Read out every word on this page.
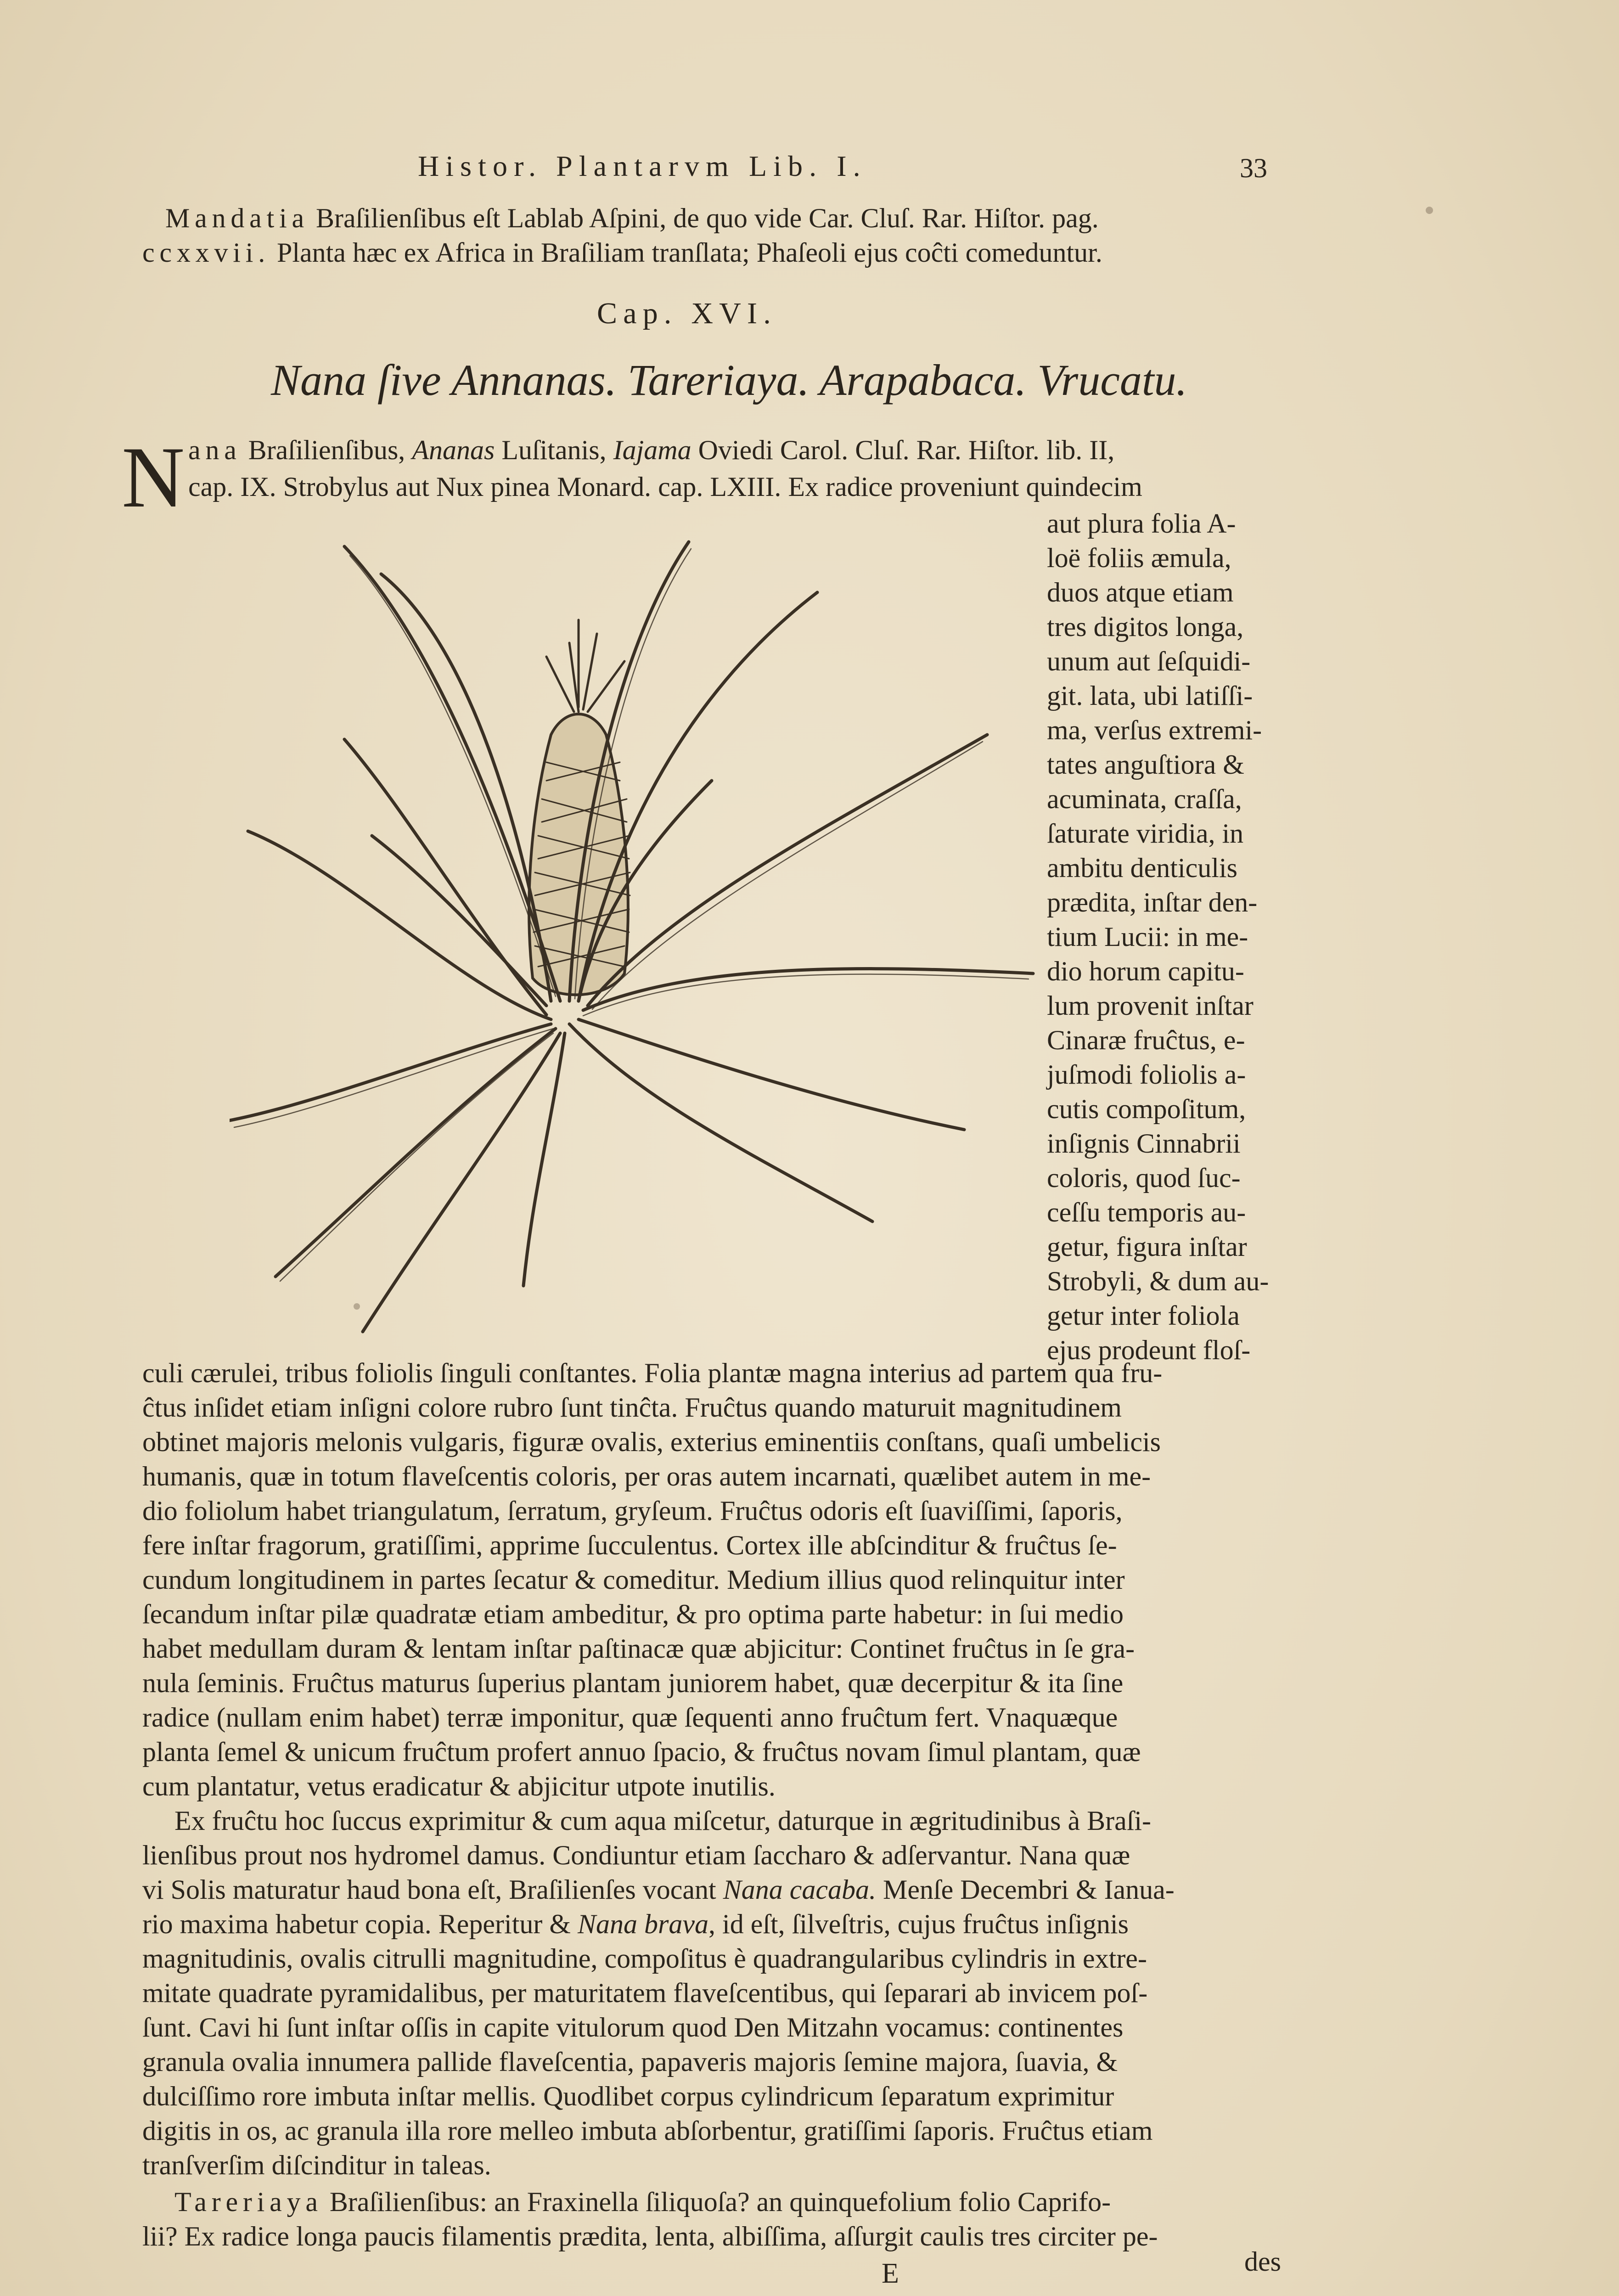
Histor. Plantarvm Lib. I.	33
Mandatia Braſilienſibus eſt Lablab Aſpini, de quo vide Car. Cluſ. Rar. Hiſtor. pag.
ccxxvii. Planta hæc ex Africa in Braſiliam tranſlata; Phaſeoli ejus coĉti comeduntur.
Cap. XVI.
Nana ſive Annanas. Tareriaya. Arapabaca. Vrucatu.
N ana Braſilienſibus, Ananas Luſitanis, Iajama Oviedi Carol. Cluſ. Rar. Hiſtor. lib. II,
cap. IX. Strobylus aut Nux pinea Monard. cap. LXIII. Ex radice proveniunt quindecim
aut plura folia A-
loë foliis æmula,
duos atque etiam
tres digitos longa,
unum aut ſeſquidi-
git. lata, ubi latiſſi-
ma, verſus extremi-
tates anguſtiora &
acuminata, craſſa,
ſaturate viridia, in
ambitu denticulis
prædita, inſtar den-
tium Lucii: in me-
dio horum capitu-
lum provenit inſtar
Cinaræ fruĉtus, e-
juſmodi foliolis a-
cutis compoſitum,
inſignis Cinnabrii
coloris, quod ſuc-
ceſſu temporis au-
getur, figura inſtar
Strobyli, & dum au-
getur inter foliola
ejus prodeunt floſ-
culi cærulei, tribus foliolis ſinguli conſtantes. Folia plantæ magna interius ad partem qua fru-
ĉtus inſidet etiam inſigni colore rubro ſunt tinĉta. Fruĉtus quando maturuit magnitudinem
obtinet majoris melonis vulgaris, figuræ ovalis, exterius eminentiis conſtans, quaſi umbelicis
humanis, quæ in totum flaveſcentis coloris, per oras autem incarnati, quælibet autem in me-
dio foliolum habet triangulatum, ſerratum, gryſeum. Fruĉtus odoris eſt ſuaviſſimi, ſaporis,
fere inſtar fragorum, gratiſſimi, apprime ſucculentus. Cortex ille abſcinditur & fruĉtus ſe-
cundum longitudinem in partes ſecatur & comeditur. Medium illius quod relinquitur inter
ſecandum inſtar pilæ quadratæ etiam ambeditur, & pro optima parte habetur: in ſui medio
habet medullam duram & lentam inſtar paſtinacæ quæ abjicitur: Continet fruĉtus in ſe gra-
nula ſeminis. Fruĉtus maturus ſuperius plantam juniorem habet, quæ decerpitur & ita ſine
radice (nullam enim habet) terræ imponitur, quæ ſequenti anno fruĉtum fert. Vnaquæque
planta ſemel & unicum fruĉtum profert annuo ſpacio, & fruĉtus novam ſimul plantam, quæ
cum plantatur, vetus eradicatur & abjicitur utpote inutilis.
Ex fruĉtu hoc ſuccus exprimitur & cum aqua miſcetur, daturque in ægritudinibus à Braſi-
lienſibus prout nos hydromel damus. Condiuntur etiam ſaccharo & adſervantur. Nana quæ
vi Solis maturatur haud bona eſt, Braſilienſes vocant Nana cacaba. Menſe Decembri & Ianua-
rio maxima habetur copia. Reperitur & Nana brava, id eſt, ſilveſtris, cujus fruĉtus inſignis
magnitudinis, ovalis citrulli magnitudine, compoſitus è quadrangularibus cylindris in extre-
mitate quadrate pyramidalibus, per maturitatem flaveſcentibus, qui ſeparari ab invicem poſ-
ſunt. Cavi hi ſunt inſtar oſſis in capite vitulorum quod Den Mitzahn vocamus: continentes
granula ovalia innumera pallide flaveſcentia, papaveris majoris ſemine majora, ſuavia, &
dulciſſimo rore imbuta inſtar mellis. Quodlibet corpus cylindricum ſeparatum exprimitur
digitis in os, ac granula illa rore melleo imbuta abſorbentur, gratiſſimi ſaporis. Fruĉtus etiam
tranſverſim diſcinditur in taleas.
Tareriaya Braſilienſibus: an Fraxinella ſiliquoſa? an quinquefolium folio Caprifo-
lii? Ex radice longa paucis filamentis prædita, lenta, albiſſima, aſſurgit caulis tres circiter pe-
E	des
